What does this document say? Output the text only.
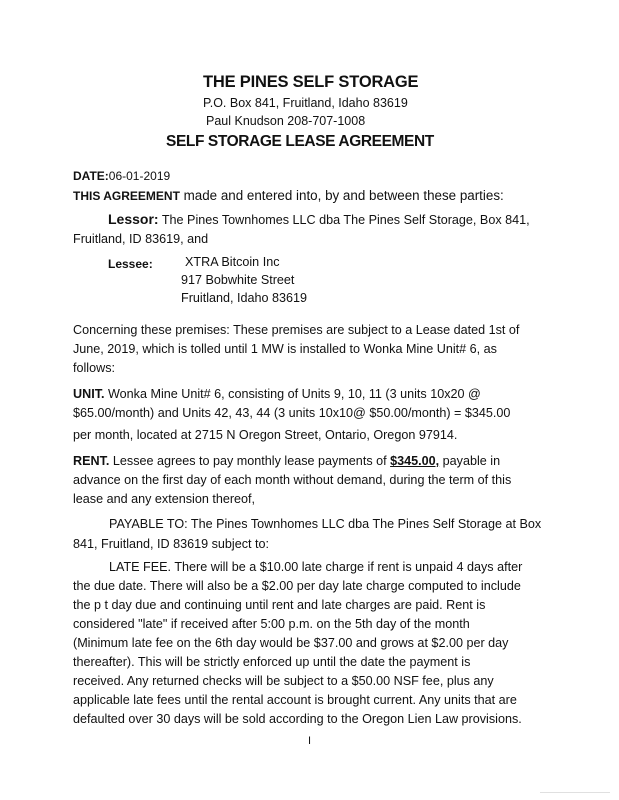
THE PINES SELF STORAGE
P.O. Box 841, Fruitland, Idaho 83619
Paul Knudson 208-707-1008
SELF STORAGE LEASE AGREEMENT
DATE:06-01-2019
THIS AGREEMENT made and entered into, by and between these parties:
Lessor: The Pines Townhomes LLC dba The Pines Self Storage, Box 841,
Fruitland, ID 83619, and
Lessee:	XTRA Bitcoin Inc
917 Bobwhite Street
Fruitland, Idaho 83619

Concerning these premises: These premises are subject to a Lease dated 1st of

June, 2019, which is tolled until 1 MW is installed to Wonka Mine Unit# 6, as

follows:

UNIT. Wonka Mine Unit# 6, consisting of Units 9, 10, 11 (3 units 10x20 @

$65.00/month) and Units 42, 43, 44 (3 units 10x10@ $50.00/month) = $345.00

per month, located at 2715 N Oregon Street, Ontario, Oregon 97914.

RENT. Lessee agrees to pay monthly lease payments of $345.00, payable in

advance on the first day of each month without demand, during the term of this

lease and any extension thereof,

PAYABLE TO: The Pines Townhomes LLC dba The Pines Self Storage at Box

841, Fruitland, ID 83619 subject to:

LATE FEE. There will be a $10.00 late charge if rent is unpaid 4 days after

the due date. There will also be a $2.00 per day late charge computed to include

the p t day due and continuing until rent and late charges are paid. Rent is

considered "late" if received after 5:00 p.m. on the 5th day of the month

(Minimum late fee on the 6th day would be $37.00 and grows at $2.00 per day

thereafter). This will be strictly enforced up until the date the payment is

received. Any returned checks will be subject to a $50.00 NSF fee, plus any

applicable late fees until the rental account is brought current. Any units that are

defaulted over 30 days will be sold according to the Oregon Lien Law provisions.

I
